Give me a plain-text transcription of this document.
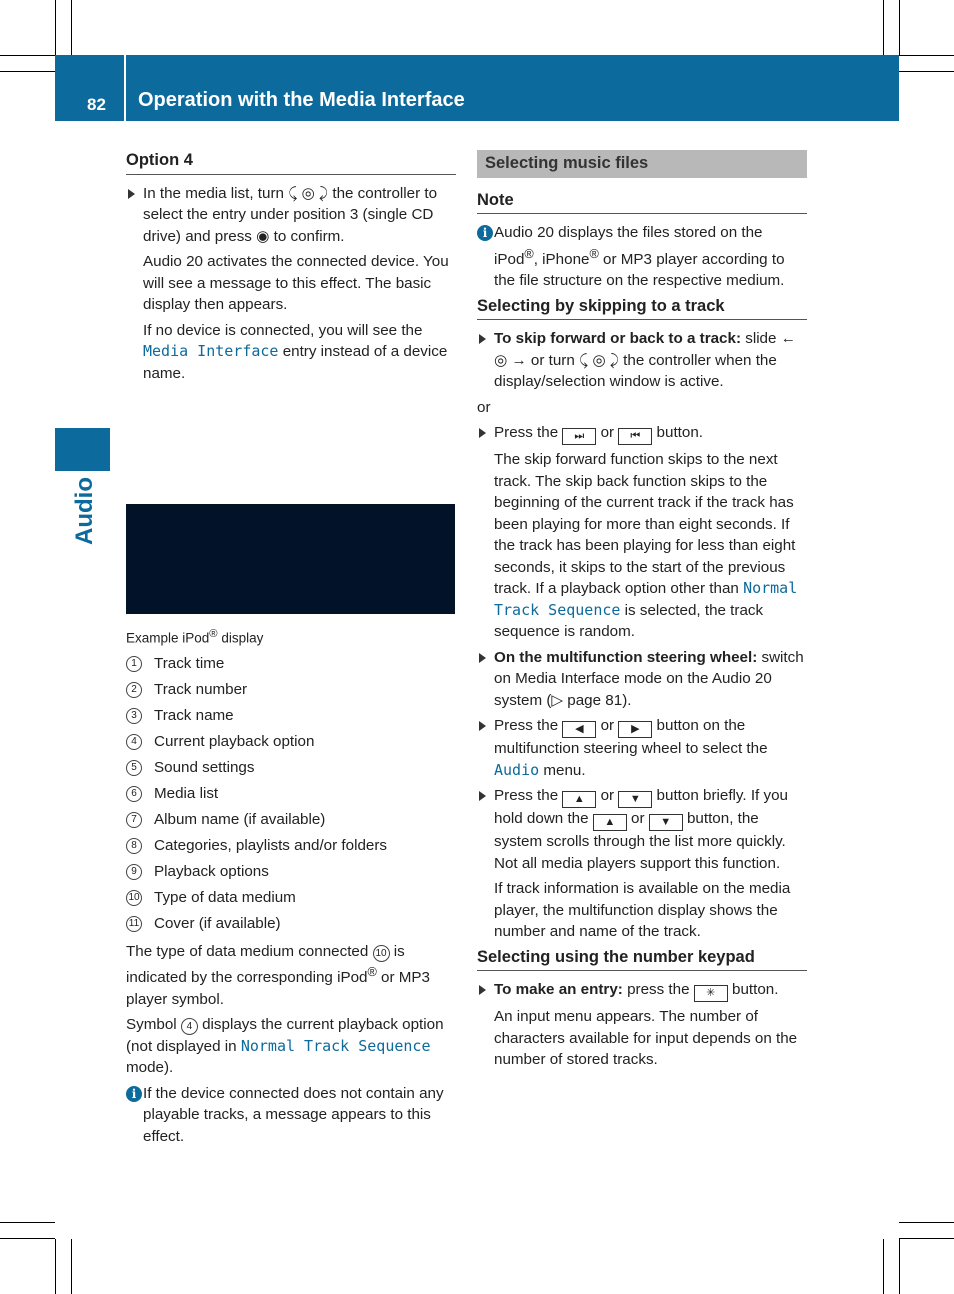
82 Operation with the Media Interface
Audio
Option 4
In the media list, turn ⤹ ◎ ⤸ the controller to select the entry under position 3 (single CD drive) and press ◉ to confirm.

Audio 20 activates the connected device. You will see a message to this effect. The basic display then appears.

If no device is connected, you will see the Media Interface entry instead of a device name.

Example iPod® display

1	Track time
2	Track number
3	Track name
4	Current playback option
5	Sound settings
6	Media list
7	Album name (if available)
8	Categories, playlists and/or folders
9	Playback options
10 Type of data medium
11 Cover (if available)

The type of data medium connected 10 is indicated by the corresponding iPod® or MP3 player symbol.

Symbol 4 displays the current playback option (not displayed in Normal Track Sequence mode).

i If the device connected does not contain any playable tracks, a message appears to this effect.
Selecting music files
Note
i Audio 20 displays the files stored on the iPod®, iPhone® or MP3 player according to the file structure on the respective medium.
Selecting by skipping to a track
To skip forward or back to a track: slide ← ◎ → or turn ⤹ ◎ ⤸ the controller when the display/selection window is active.

or

Press the ⏭ or ⏮ button.

The skip forward function skips to the next track. The skip back function skips to the beginning of the current track if the track has been playing for more than eight seconds. If the track has been playing for less than eight seconds, it skips to the start of the previous track. If a playback option other than Normal Track Sequence is selected, the track sequence is random.

On the multifunction steering wheel: switch on Media Interface mode on the Audio 20 system (▷ page 81).
Press the ◀ or ▶ button on the multifunction steering wheel to select the Audio menu.
Press the ▲ or ▼ button briefly. If you hold down the ▲ or ▼ button, the system scrolls through the list more quickly. Not all media players support this function.

If track information is available on the media player, the multifunction display shows the number and name of the track.

Selecting using the number keypad
To make an entry: press the ✳ button.

An input menu appears. The number of characters available for input depends on the number of stored tracks.
